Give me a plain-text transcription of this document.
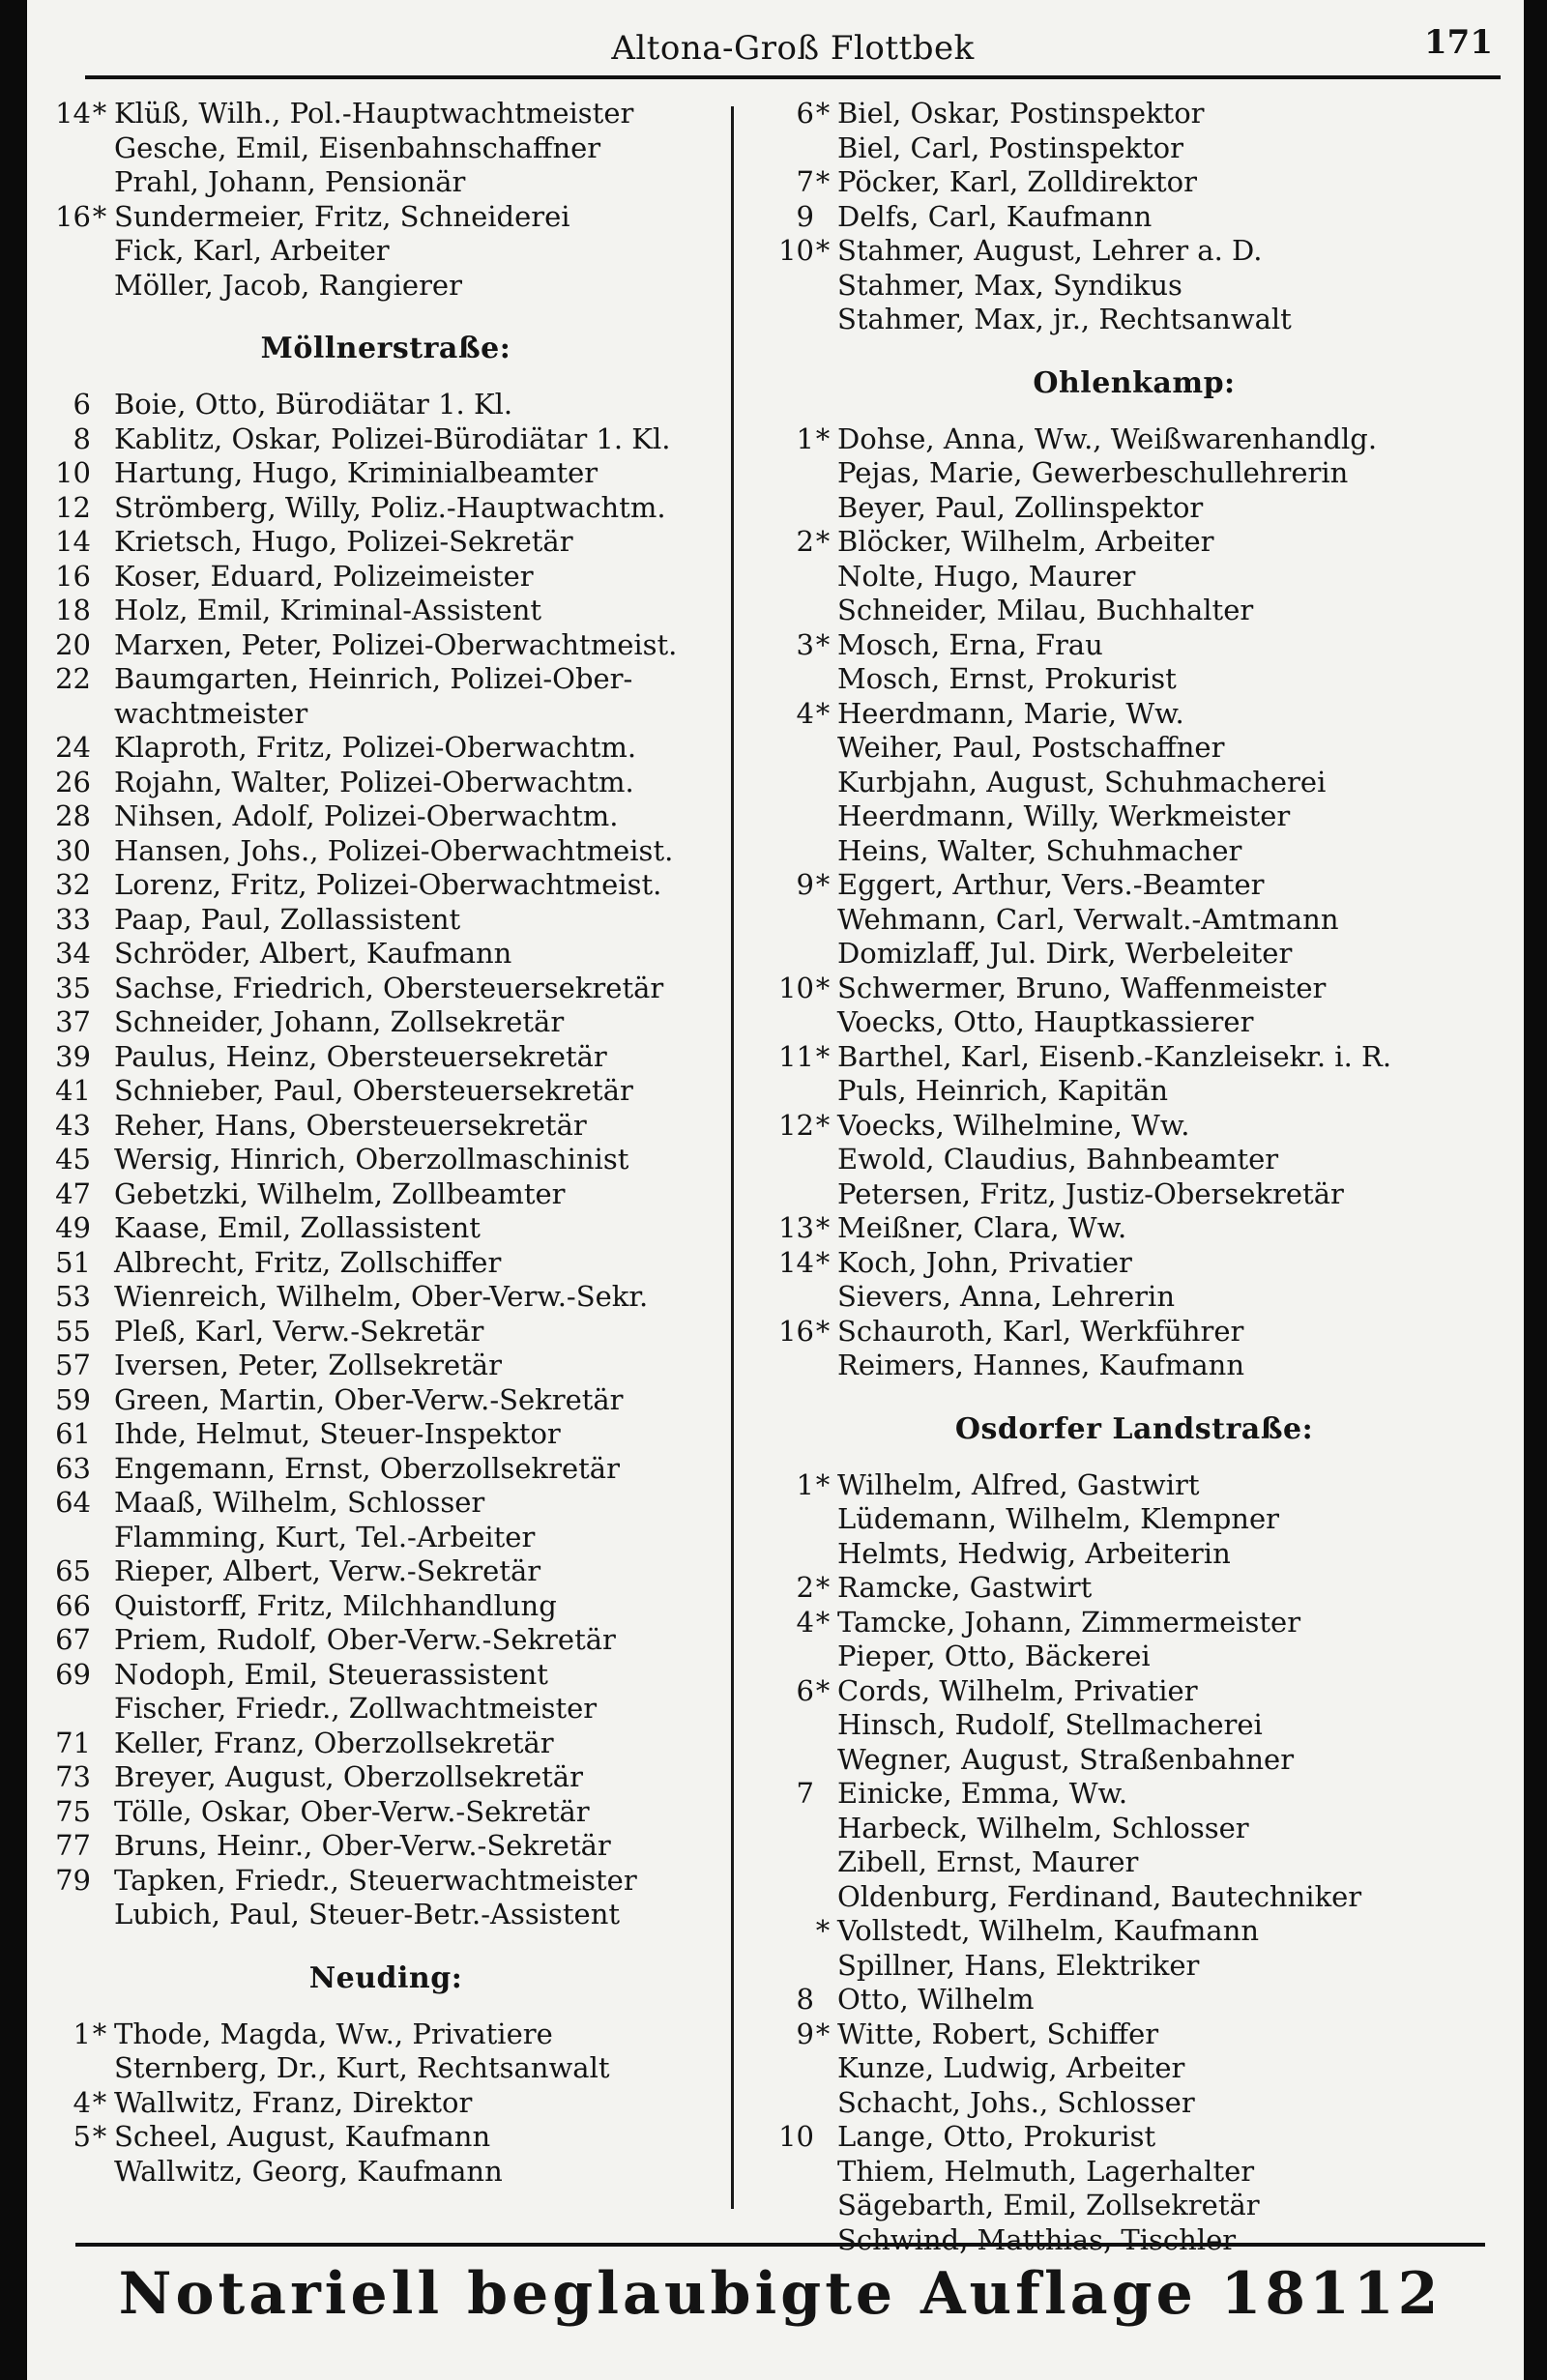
Altona-Groß Flottbek	171
14 * Klüß, Wilh., Pol.-Hauptwachtmeister
Gesche, Emil, Eisenbahnschaffner
Prahl, Johann, Pensionär
16 * Sundermeier, Fritz, Schneiderei
Fick, Karl, Arbeiter
Möller, Jacob, Rangierer
Möllnerstraße:
6 Boie, Otto, Bürodiätar 1. Kl.
8 Kablitz, Oskar, Polizei-Bürodiätar 1. Kl.
10 Hartung, Hugo, Kriminialbeamter
12 Strömberg, Willy, Poliz.-Hauptwachtm.
14 Krietsch, Hugo, Polizei-Sekretär
16 Koser, Eduard, Polizeimeister
18 Holz, Emil, Kriminal-Assistent
20 Marxen, Peter, Polizei-Oberwachtmeist.
22 Baumgarten, Heinrich, Polizei-Ober-
wachtmeister
24 Klaproth, Fritz, Polizei-Oberwachtm.
26 Rojahn, Walter, Polizei-Oberwachtm.
28 Nihsen, Adolf, Polizei-Oberwachtm.
30 Hansen, Johs., Polizei-Oberwachtmeist.
32 Lorenz, Fritz, Polizei-Oberwachtmeist.
33 Paap, Paul, Zollassistent
34 Schröder, Albert, Kaufmann
35 Sachse, Friedrich, Obersteuersekretär
37 Schneider, Johann, Zollsekretär
39 Paulus, Heinz, Obersteuersekretär
41 Schnieber, Paul, Obersteuersekretär
43 Reher, Hans, Obersteuersekretär
45 Wersig, Hinrich, Oberzollmaschinist
47 Gebetzki, Wilhelm, Zollbeamter
49 Kaase, Emil, Zollassistent
51 Albrecht, Fritz, Zollschiffer
53 Wienreich, Wilhelm, Ober-Verw.-Sekr.
55 Pleß, Karl, Verw.-Sekretär
57 Iversen, Peter, Zollsekretär
59 Green, Martin, Ober-Verw.-Sekretär
61 Ihde, Helmut, Steuer-Inspektor
63 Engemann, Ernst, Oberzollsekretär
64 Maaß, Wilhelm, Schlosser
Flamming, Kurt, Tel.-Arbeiter
65 Rieper, Albert, Verw.-Sekretär
66 Quistorff, Fritz, Milchhandlung
67 Priem, Rudolf, Ober-Verw.-Sekretär
69 Nodoph, Emil, Steuerassistent
Fischer, Friedr., Zollwachtmeister
71 Keller, Franz, Oberzollsekretär
73 Breyer, August, Oberzollsekretär
75 Tölle, Oskar, Ober-Verw.-Sekretär
77 Bruns, Heinr., Ober-Verw.-Sekretär
79 Tapken, Friedr., Steuerwachtmeister
Lubich, Paul, Steuer-Betr.-Assistent
Neuding:
1 * Thode, Magda, Ww., Privatiere
Sternberg, Dr., Kurt, Rechtsanwalt
4 * Wallwitz, Franz, Direktor
5 * Scheel, August, Kaufmann
Wallwitz, Georg, Kaufmann
6 * Biel, Oskar, Postinspektor
Biel, Carl, Postinspektor
7 * Pöcker, Karl, Zolldirektor
9 Delfs, Carl, Kaufmann
10 * Stahmer, August, Lehrer a. D.
Stahmer, Max, Syndikus
Stahmer, Max, jr., Rechtsanwalt
Ohlenkamp:
1 * Dohse, Anna, Ww., Weißwarenhandlg.
Pejas, Marie, Gewerbeschullehrerin
Beyer, Paul, Zollinspektor
2 * Blöcker, Wilhelm, Arbeiter
Nolte, Hugo, Maurer
Schneider, Milau, Buchhalter
3 * Mosch, Erna, Frau
Mosch, Ernst, Prokurist
4 * Heerdmann, Marie, Ww.
Weiher, Paul, Postschaffner
Kurbjahn, August, Schuhmacherei
Heerdmann, Willy, Werkmeister
Heins, Walter, Schuhmacher
9 * Eggert, Arthur, Vers.-Beamter
Wehmann, Carl, Verwalt.-Amtmann
Domizlaff, Jul. Dirk, Werbeleiter
10 * Schwermer, Bruno, Waffenmeister
Voecks, Otto, Hauptkassierer
11 * Barthel, Karl, Eisenb.-Kanzleisekr. i. R.
Puls, Heinrich, Kapitän
12 * Voecks, Wilhelmine, Ww.
Ewold, Claudius, Bahnbeamter
Petersen, Fritz, Justiz-Obersekretär
13 * Meißner, Clara, Ww.
14 * Koch, John, Privatier
Sievers, Anna, Lehrerin
16 * Schauroth, Karl, Werkführer
Reimers, Hannes, Kaufmann
Osdorfer Landstraße:
1 * Wilhelm, Alfred, Gastwirt
Lüdemann, Wilhelm, Klempner
Helmts, Hedwig, Arbeiterin
2 * Ramcke, Gastwirt
4 * Tamcke, Johann, Zimmermeister
Pieper, Otto, Bäckerei
6 * Cords, Wilhelm, Privatier
Hinsch, Rudolf, Stellmacherei
Wegner, August, Straßenbahner
7 Einicke, Emma, Ww.
Harbeck, Wilhelm, Schlosser
Zibell, Ernst, Maurer
Oldenburg, Ferdinand, Bautechniker
* Vollstedt, Wilhelm, Kaufmann
Spillner, Hans, Elektriker
8 Otto, Wilhelm
9 * Witte, Robert, Schiffer
Kunze, Ludwig, Arbeiter
Schacht, Johs., Schlosser
10 Lange, Otto, Prokurist
Thiem, Helmuth, Lagerhalter
Sägebarth, Emil, Zollsekretär
Schwind, Matthias, Tischler
Notariell beglaubigte Auflage 18112
